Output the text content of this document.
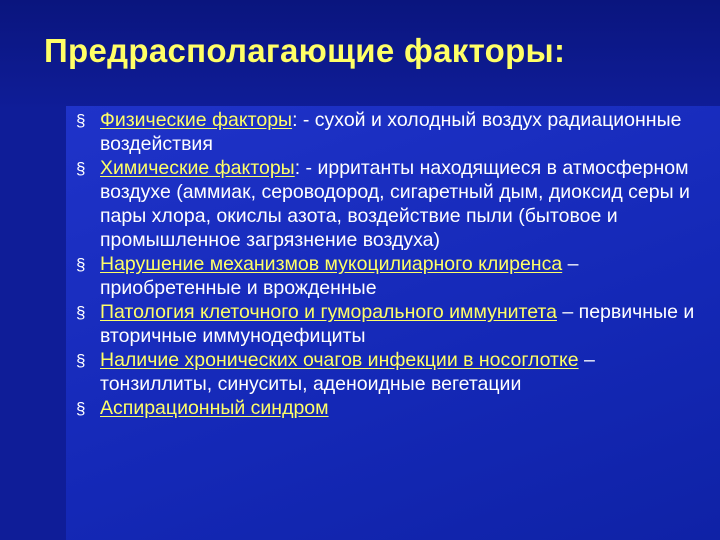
Предрасполагающие факторы:
§ Физические факторы: - сухой и холодный воздух радиационные воздействия
§ Химические факторы: - ирританты находящиеся в атмосферном воздухе (аммиак, сероводород, сигаретный дым, диоксид серы и пары хлора, окислы азота, воздействие пыли (бытовое и промышленное загрязнение воздуха)
§ Нарушение механизмов мукоцилиарного клиренса – приобретенные и врожденные
§ Патология клеточного и гуморального иммунитета – первичные и вторичные иммунодефициты
§ Наличие хронических очагов инфекции в носоглотке – тонзиллиты, синуситы, аденоидные вегетации
§ Аспирационный синдром
